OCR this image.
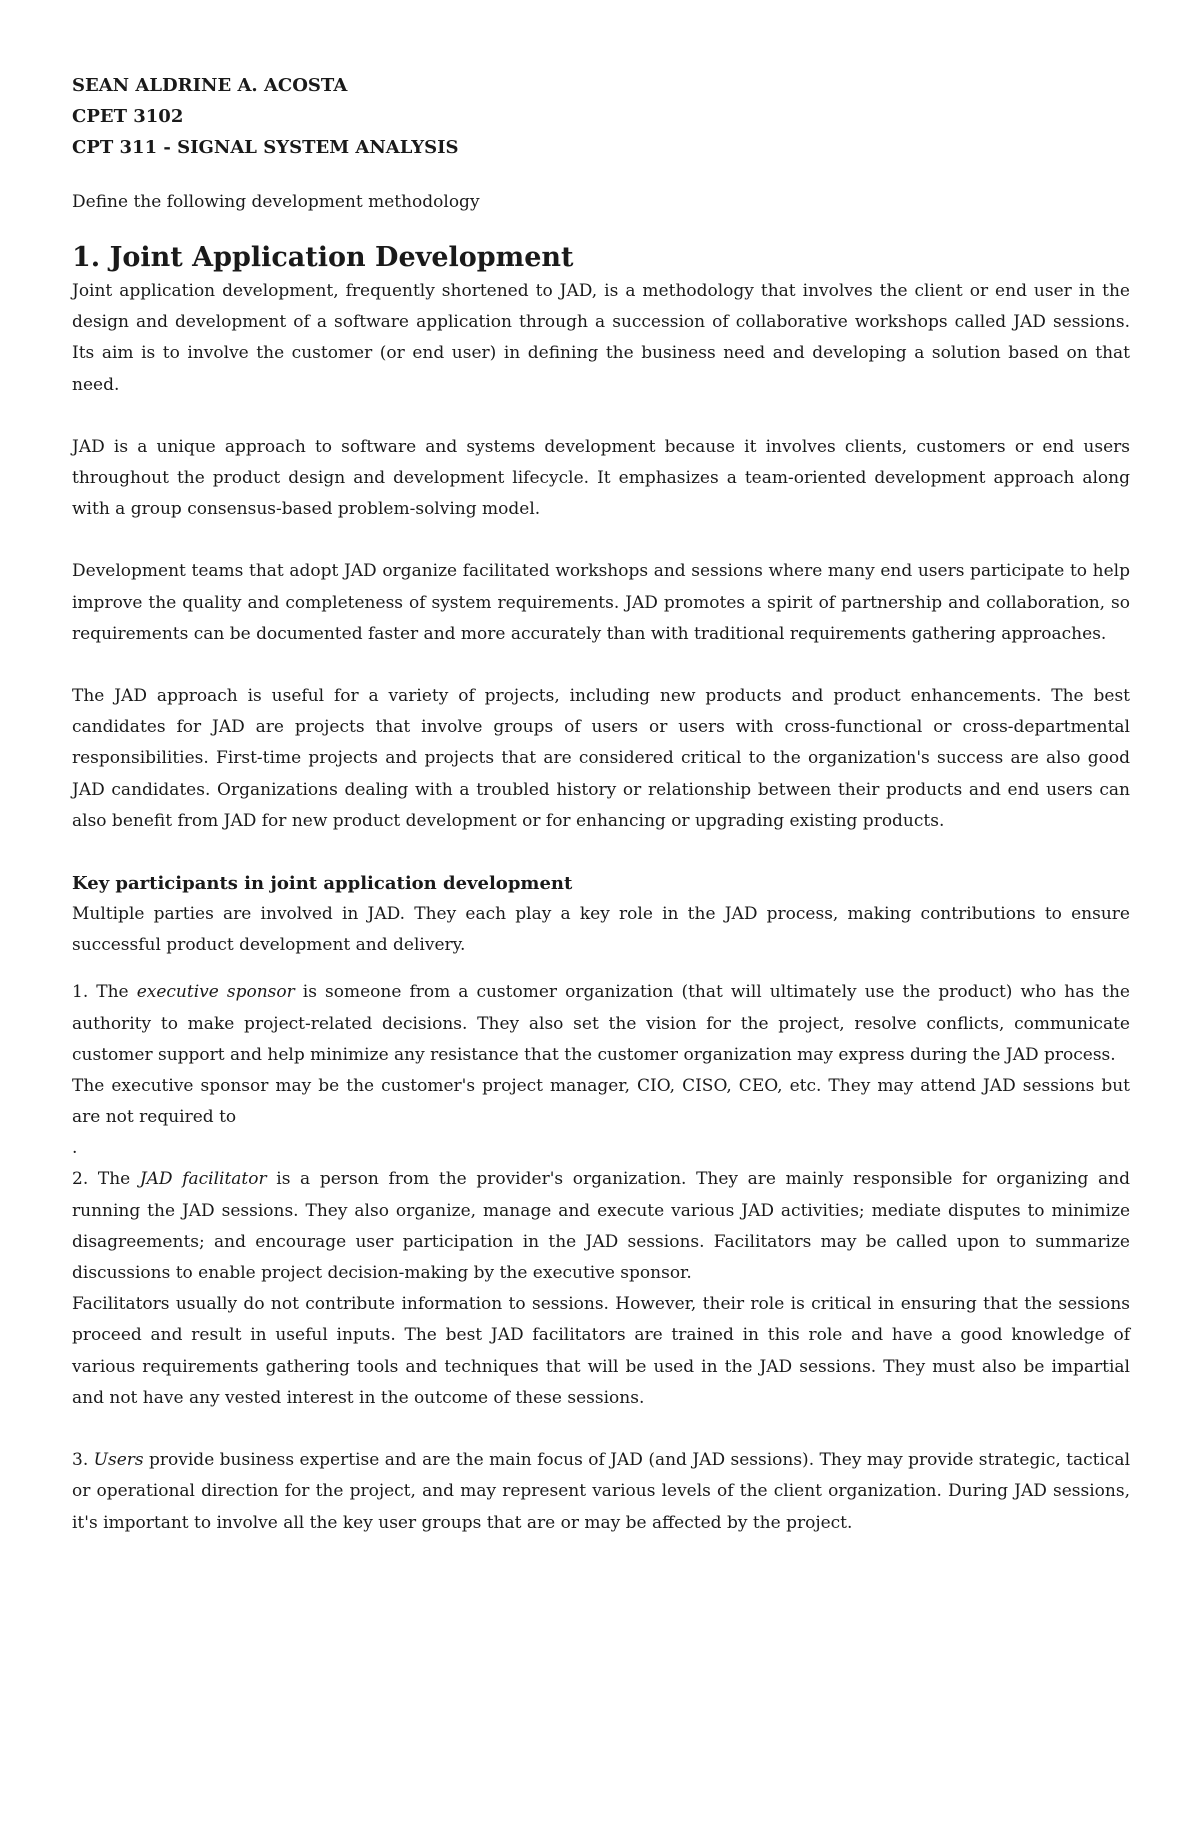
SEAN ALDRINE A. ACOSTA

CPET 3102

CPT 311 - SIGNAL SYSTEM ANALYSIS

Define the following development methodology

1. Joint Application Development

Joint application development, frequently shortened to JAD, is a methodology that involves the client or end user in the design and development of a software application through a succession of collaborative workshops called JAD sessions. Its aim is to involve the customer (or end user) in defining the business need and developing a solution based on that need.

JAD is a unique approach to software and systems development because it involves clients, customers or end users throughout the product design and development lifecycle. It emphasizes a team-oriented development approach along with a group consensus-based problem-solving model.

Development teams that adopt JAD organize facilitated workshops and sessions where many end users participate to help improve the quality and completeness of system requirements. JAD promotes a spirit of partnership and collaboration, so requirements can be documented faster and more accurately than with traditional requirements gathering approaches.

The JAD approach is useful for a variety of projects, including new products and product enhancements. The best candidates for JAD are projects that involve groups of users or users with cross-functional or cross-departmental responsibilities. First-time projects and projects that are considered critical to the organization's success are also good JAD candidates. Organizations dealing with a troubled history or relationship between their products and end users can also benefit from JAD for new product development or for enhancing or upgrading existing products.

Key participants in joint application development

Multiple parties are involved in JAD. They each play a key role in the JAD process, making contributions to ensure successful product development and delivery.

1. The executive sponsor is someone from a customer organization (that will ultimately use the product) who has the authority to make project-related decisions. They also set the vision for the project, resolve conflicts, communicate customer support and help minimize any resistance that the customer organization may express during the JAD process.

The executive sponsor may be the customer's project manager, CIO, CISO, CEO, etc. They may attend JAD sessions but are not required to

.

2. The JAD facilitator is a person from the provider's organization. They are mainly responsible for organizing and running the JAD sessions. They also organize, manage and execute various JAD activities; mediate disputes to minimize disagreements; and encourage user participation in the JAD sessions. Facilitators may be called upon to summarize discussions to enable project decision-making by the executive sponsor.

Facilitators usually do not contribute information to sessions. However, their role is critical in ensuring that the sessions proceed and result in useful inputs. The best JAD facilitators are trained in this role and have a good knowledge of various requirements gathering tools and techniques that will be used in the JAD sessions. They must also be impartial and not have any vested interest in the outcome of these sessions.

3. Users provide business expertise and are the main focus of JAD (and JAD sessions). They may provide strategic, tactical or operational direction for the project, and may represent various levels of the client organization. During JAD sessions, it's important to involve all the key user groups that are or may be affected by the project.
